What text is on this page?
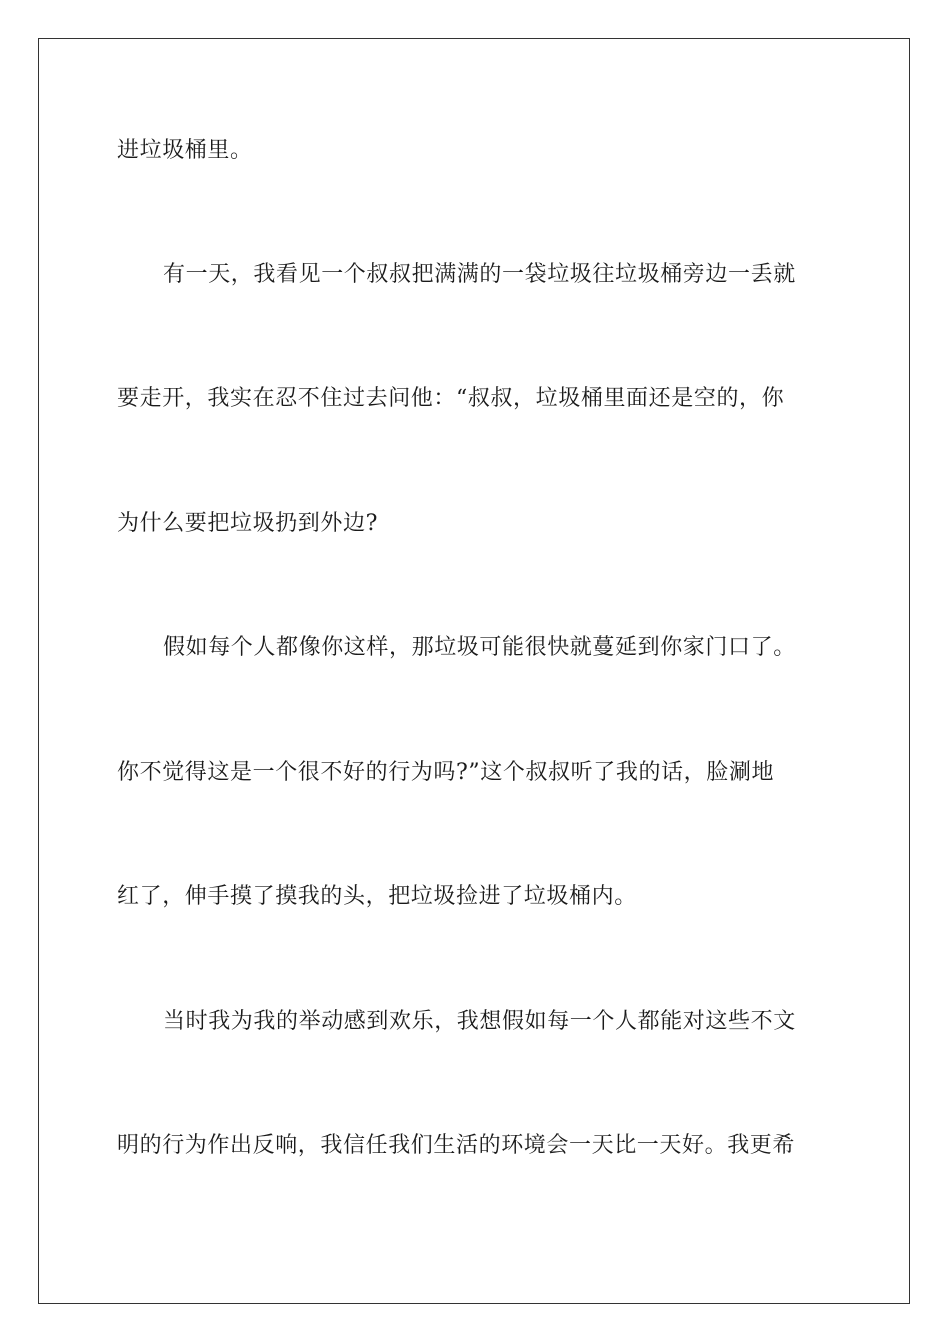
进垃圾桶里。
有一天，我看见一个叔叔把满满的一袋垃圾往垃圾桶旁边一丢就
要走开，我实在忍不住过去问他：“叔叔，垃圾桶里面还是空的，你
为什么要把垃圾扔到外边?
假如每个人都像你这样，那垃圾可能很快就蔓延到你家门口了。
你不觉得这是一个很不好的行为吗?”这个叔叔听了我的话，脸涮地
红了，伸手摸了摸我的头，把垃圾捡进了垃圾桶内。
当时我为我的举动感到欢乐，我想假如每一个人都能对这些不文
明的行为作出反响，我信任我们生活的环境会一天比一天好。我更希
